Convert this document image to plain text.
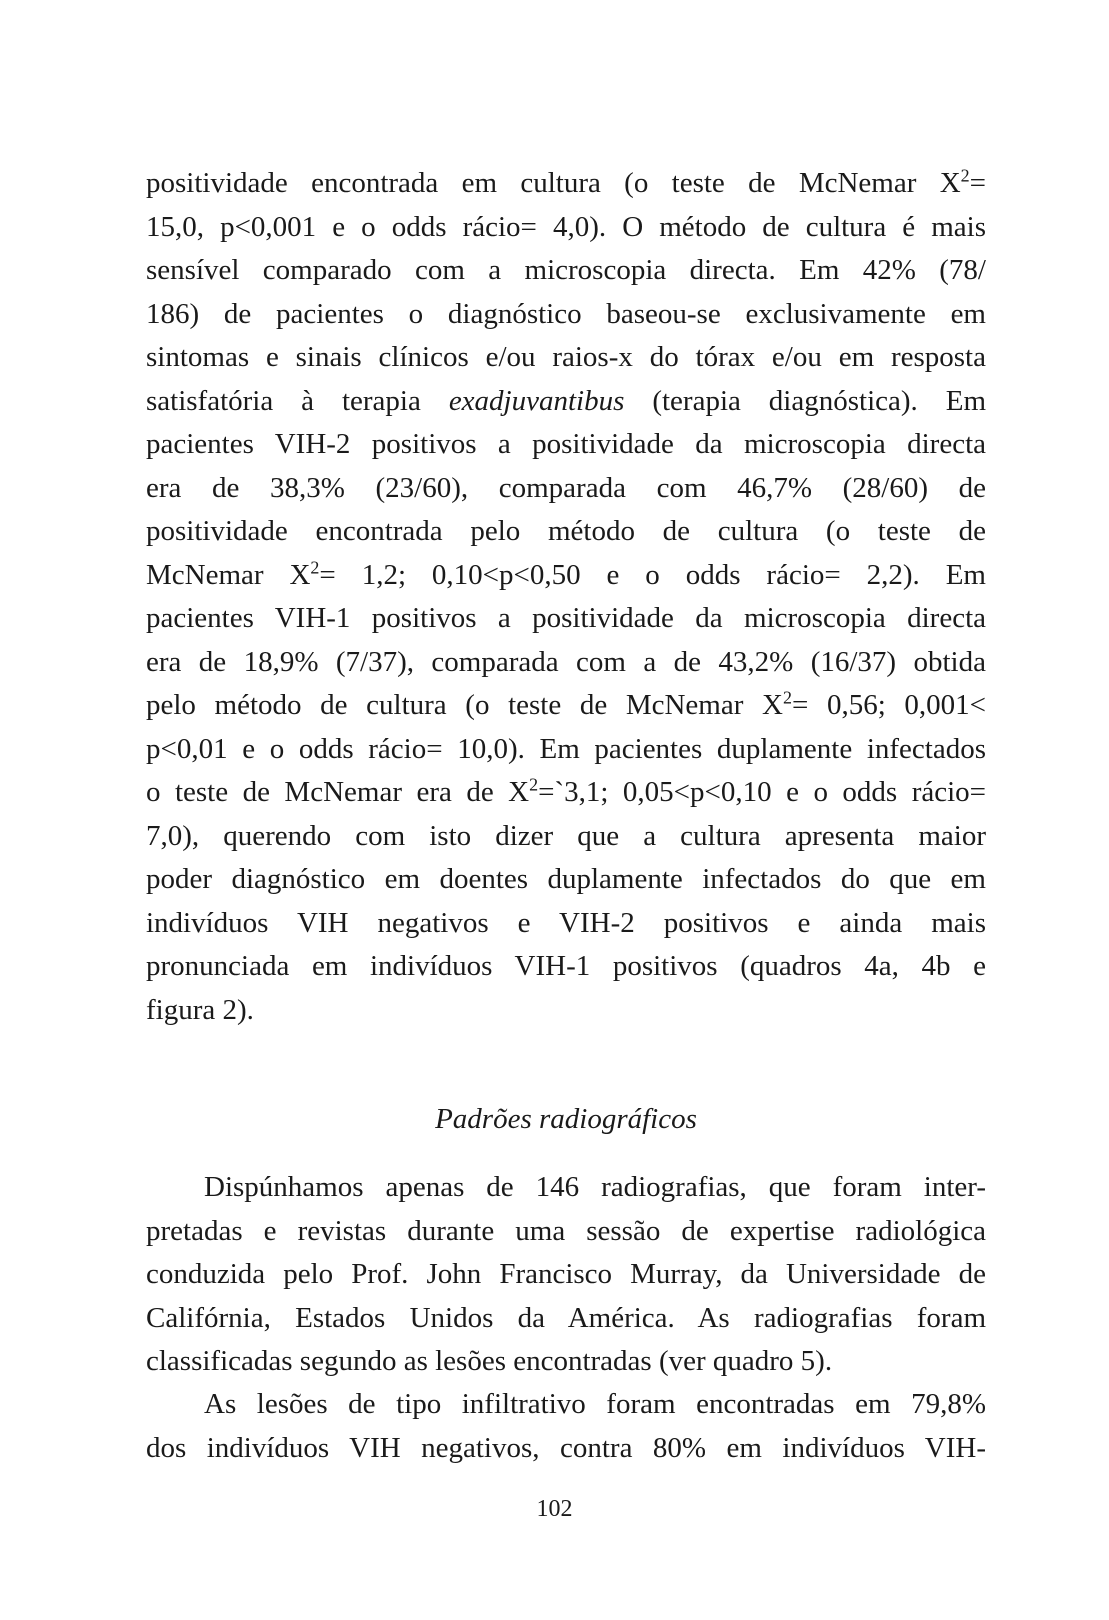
positividade encontrada em cultura (o teste de McNemar $X^2=$
15,0, p<0,001 e o odds rácio= 4,0). O método de cultura é mais
sensível comparado com a microscopia directa. Em 42% (78/
186) de pacientes o diagnóstico baseou-se exclusivamente em
sintomas e sinais clínicos e/ou raios-x do tórax e/ou em resposta
satisfatória à terapia exadjuvantibus (terapia diagnóstica). Em
pacientes VIH-2 positivos a positividade da microscopia directa
era de 38,3% (23/60), comparada com 46,7% (28/60) de
positividade encontrada pelo método de cultura (o teste de
McNemar $X^2= 1,2$; 0,10<p<0,50 e o odds rácio= 2,2). Em
pacientes VIH-1 positivos a positividade da microscopia directa
era de 18,9% (7/37), comparada com a de 43,2% (16/37) obtida
pelo método de cultura (o teste de McNemar $X^2= 0,56$; 0,001<
p<0,01 e o odds rácio= 10,0). Em pacientes duplamente infectados
o teste de McNemar era de $X^2=`3,1$; 0,05<p<0,10 e o odds rácio=
7,0), querendo com isto dizer que a cultura apresenta maior
poder diagnóstico em doentes duplamente infectados do que em
indivíduos VIH negativos e VIH-2 positivos e ainda mais
pronunciada em indivíduos VIH-1 positivos (quadros 4a, 4b e
figura 2).
Padrões radiográficos
Dispúnhamos apenas de 146 radiografias, que foram inter-
pretadas e revistas durante uma sessão de expertise radiológica
conduzida pelo Prof. John Francisco Murray, da Universidade de
Califórnia, Estados Unidos da América. As radiografias foram
classificadas segundo as lesões encontradas (ver quadro 5).
As lesões de tipo infiltrativo foram encontradas em 79,8%
dos indivíduos VIH negativos, contra 80% em indivíduos VIH-
102
